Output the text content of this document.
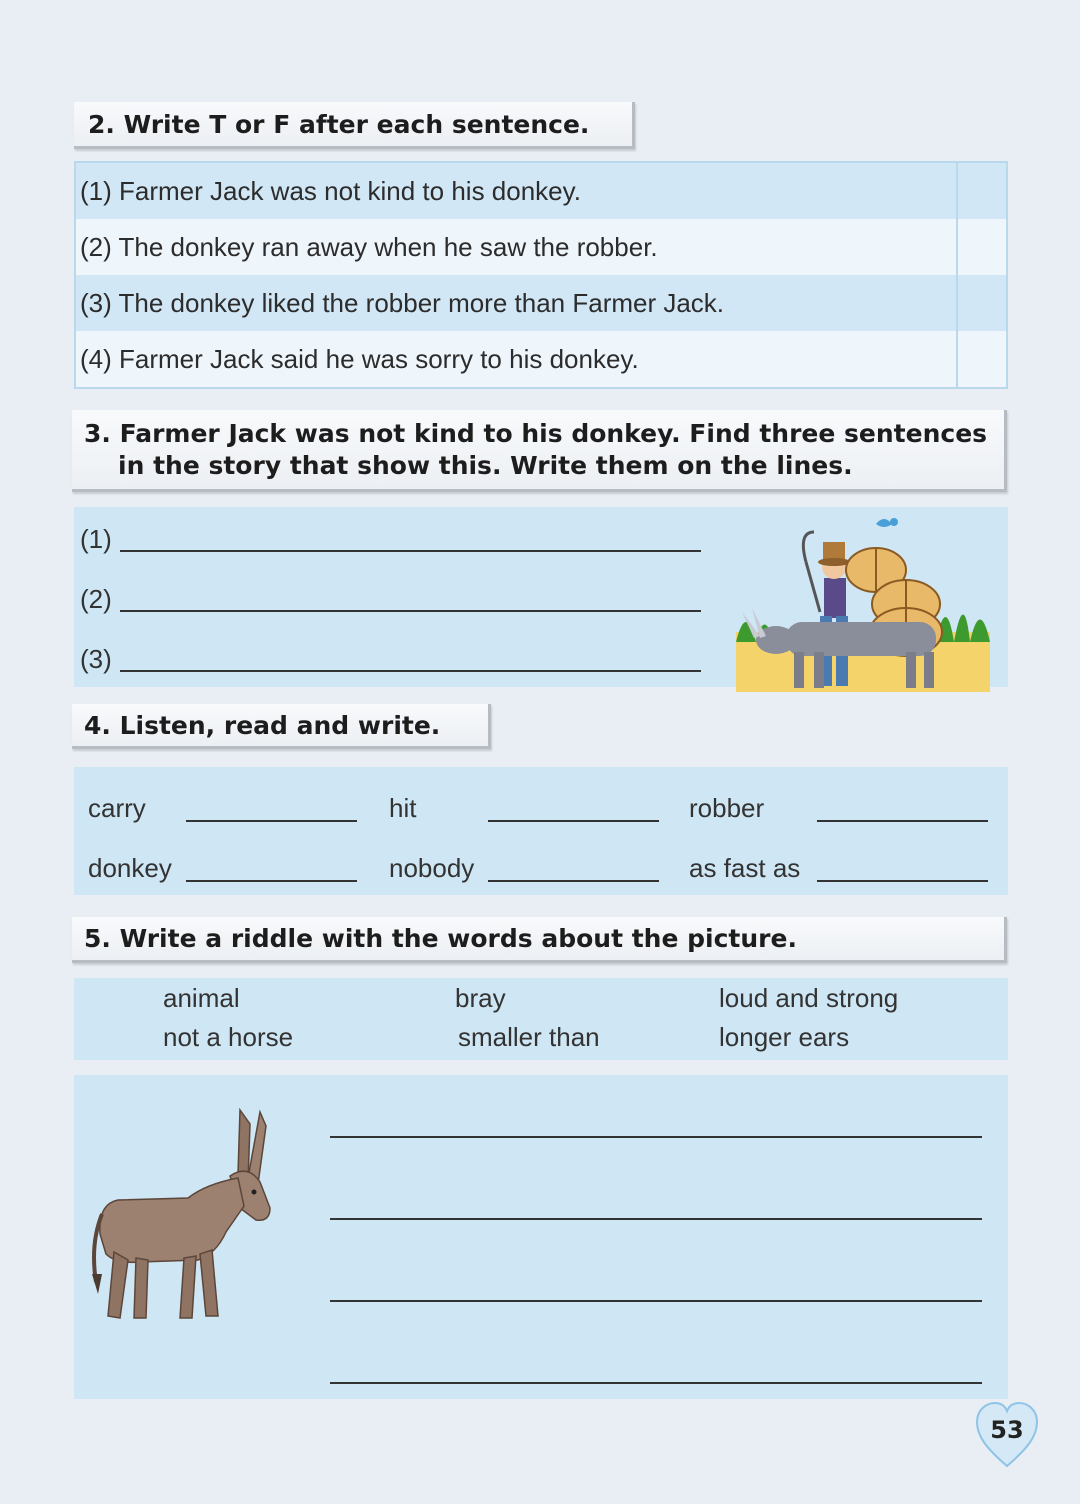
2. Write T or F after each sentence.
(1) Farmer Jack was not kind to his donkey.
(2) The donkey ran away when he saw the robber.
(3) The donkey liked the robber more than Farmer Jack.
(4) Farmer Jack said he was sorry to his donkey.
3. Farmer Jack was not kind to his donkey. Find three sentences
in the story that show this. Write them on the lines.
(1)
(2)
(3)
4. Listen, read and write.
carry	hit	robber
donkey	nobody	as fast as
5. Write a riddle with the words about the picture.
animal	bray	loud and strong
not a horse	smaller than	longer ears
53
